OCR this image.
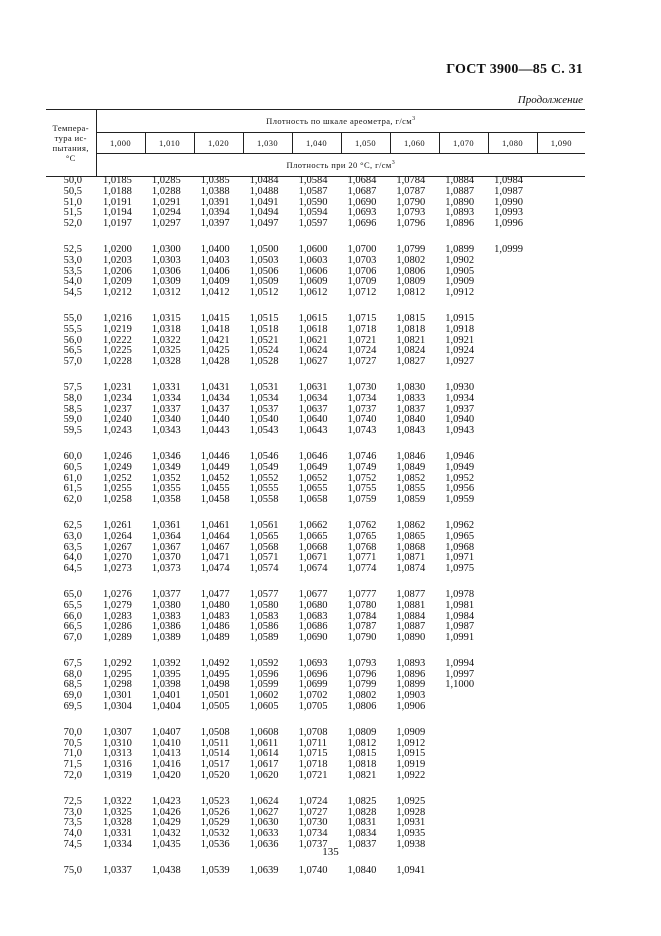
ГОСТ 3900—85 С. 31
Продолжение
Темпера-
тура ис-
пытания,
°С	Плотность по шкале ареометра, $г/см^3$
	1,000	1,010	1,020	1,030	1,040	1,050	1,060	1,070	1,080	1,090
	Плотность при 20 °С, $г/см^3$
50,0	1,0185	1,0285	1,0385	1,0484	1,0584	1,0684	1,0784	1,0884	1,0984
50,5	1,0188	1,0288	1,0388	1,0488	1,0587	1,0687	1,0787	1,0887	1,0987
51,0	1,0191	1,0291	1,0391	1,0491	1,0590	1,0690	1,0790	1,0890	1,0990
51,5	1,0194	1,0294	1,0394	1,0494	1,0594	1,0693	1,0793	1,0893	1,0993
52,0	1,0197	1,0297	1,0397	1,0497	1,0597	1,0696	1,0796	1,0896	1,0996
52,5	1,0200	1,0300	1,0400	1,0500	1,0600	1,0700	1,0799	1,0899	1,0999
53,0	1,0203	1,0303	1,0403	1,0503	1,0603	1,0703	1,0802	1,0902
53,5	1,0206	1,0306	1,0406	1,0506	1,0606	1,0706	1,0806	1,0905
54,0	1,0209	1,0309	1,0409	1,0509	1,0609	1,0709	1,0809	1,0909
54,5	1,0212	1,0312	1,0412	1,0512	1,0612	1,0712	1,0812	1,0912
55,0	1,0216	1,0315	1,0415	1,0515	1,0615	1,0715	1,0815	1,0915
55,5	1,0219	1,0318	1,0418	1,0518	1,0618	1,0718	1,0818	1,0918
56,0	1,0222	1,0322	1,0421	1,0521	1,0621	1,0721	1,0821	1,0921
56,5	1,0225	1,0325	1,0425	1,0524	1,0624	1,0724	1,0824	1,0924
57,0	1,0228	1,0328	1,0428	1,0528	1,0627	1,0727	1,0827	1,0927
57,5	1,0231	1,0331	1,0431	1,0531	1,0631	1,0730	1,0830	1,0930
58,0	1,0234	1,0334	1,0434	1,0534	1,0634	1,0734	1,0833	1,0934
58,5	1,0237	1,0337	1,0437	1,0537	1,0637	1,0737	1,0837	1,0937
59,0	1,0240	1,0340	1,0440	1,0540	1,0640	1,0740	1,0840	1,0940
59,5	1,0243	1,0343	1,0443	1,0543	1,0643	1,0743	1,0843	1,0943
60,0	1,0246	1,0346	1,0446	1,0546	1,0646	1,0746	1,0846	1,0946
60,5	1,0249	1,0349	1,0449	1,0549	1,0649	1,0749	1,0849	1,0949
61,0	1,0252	1,0352	1,0452	1,0552	1,0652	1,0752	1,0852	1,0952
61,5	1,0255	1,0355	1,0455	1,0555	1,0655	1,0755	1,0855	1,0956
62,0	1,0258	1,0358	1,0458	1,0558	1,0658	1,0759	1,0859	1,0959
62,5	1,0261	1,0361	1,0461	1,0561	1,0662	1,0762	1,0862	1,0962
63,0	1,0264	1,0364	1,0464	1,0565	1,0665	1,0765	1,0865	1,0965
63,5	1,0267	1,0367	1,0467	1,0568	1,0668	1,0768	1,0868	1,0968
64,0	1,0270	1,0370	1,0471	1,0571	1,0671	1,0771	1,0871	1,0971
64,5	1,0273	1,0373	1,0474	1,0574	1,0674	1,0774	1,0874	1,0975
65,0	1,0276	1,0377	1,0477	1,0577	1,0677	1,0777	1,0877	1,0978
65,5	1,0279	1,0380	1,0480	1,0580	1,0680	1,0780	1,0881	1,0981
66,0	1,0283	1,0383	1,0483	1,0583	1,0683	1,0784	1,0884	1,0984
66,5	1,0286	1,0386	1,0486	1,0586	1,0686	1,0787	1,0887	1,0987
67,0	1,0289	1,0389	1,0489	1,0589	1,0690	1,0790	1,0890	1,0991
67,5	1,0292	1,0392	1,0492	1,0592	1,0693	1,0793	1,0893	1,0994
68,0	1,0295	1,0395	1,0495	1,0596	1,0696	1,0796	1,0896	1,0997
68,5	1,0298	1,0398	1,0498	1,0599	1,0699	1,0799	1,0899	1,1000
69,0	1,0301	1,0401	1,0501	1,0602	1,0702	1,0802	1,0903
69,5	1,0304	1,0404	1,0505	1,0605	1,0705	1,0806	1,0906
70,0	1,0307	1,0407	1,0508	1,0608	1,0708	1,0809	1,0909
70,5	1,0310	1,0410	1,0511	1,0611	1,0711	1,0812	1,0912
71,0	1,0313	1,0413	1,0514	1,0614	1,0715	1,0815	1,0915
71,5	1,0316	1,0416	1,0517	1,0617	1,0718	1,0818	1,0919
72,0	1,0319	1,0420	1,0520	1,0620	1,0721	1,0821	1,0922
72,5	1,0322	1,0423	1,0523	1,0624	1,0724	1,0825	1,0925
73,0	1,0325	1,0426	1,0526	1,0627	1,0727	1,0828	1,0928
73,5	1,0328	1,0429	1,0529	1,0630	1,0730	1,0831	1,0931
74,0	1,0331	1,0432	1,0532	1,0633	1,0734	1,0834	1,0935
74,5	1,0334	1,0435	1,0536	1,0636	1,0737	1,0837	1,0938
75,0	1,0337	1,0438	1,0539	1,0639	1,0740	1,0840	1,0941
135
